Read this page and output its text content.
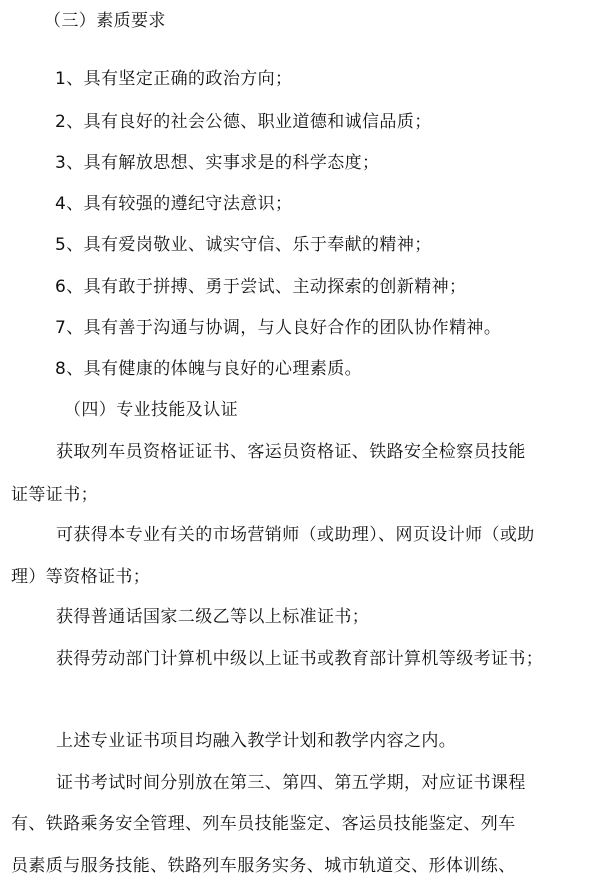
（三）素质要求
1、具有坚定正确的政治方向；
2、具有良好的社会公德、职业道德和诚信品质；
3、具有解放思想、实事求是的科学态度；
4、具有较强的遵纪守法意识；
5、具有爱岗敬业、诚实守信、乐于奉献的精神；
6、具有敢于拼搏、勇于尝试、主动探索的创新精神；
7、具有善于沟通与协调，与人良好合作的团队协作精神。
8、具有健康的体魄与良好的心理素质。
（四）专业技能及认证
获取列车员资格证证书、客运员资格证、铁路安全检察员技能
证等证书；
可获得本专业有关的市场营销师（或助理）、网页设计师（或助
理）等资格证书；
获得普通话国家二级乙等以上标准证书；
获得劳动部门计算机中级以上证书或教育部计算机等级考证书；
上述专业证书项目均融入教学计划和教学内容之内。
证书考试时间分别放在第三、第四、第五学期，对应证书课程
有、铁路乘务安全管理、列车员技能鉴定、客运员技能鉴定、列车
员素质与服务技能、铁路列车服务实务、城市轨道交、形体训练、
